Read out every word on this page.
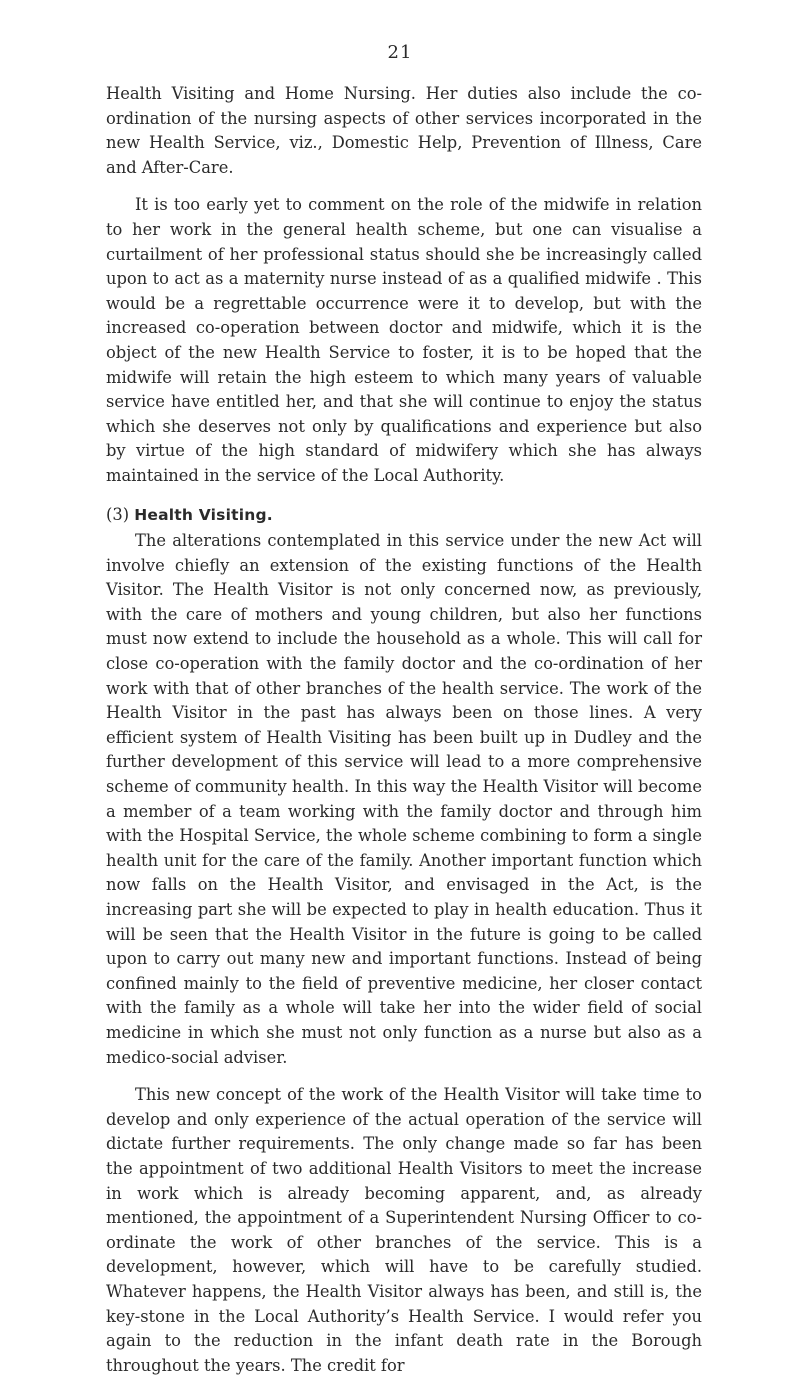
21

Health Visiting and Home Nursing. Her duties also include the co-ordination of the nursing aspects of other services incorporated in the new Health Service, viz., Domestic Help, Prevention of Illness, Care and After-Care.

It is too early yet to comment on the role of the midwife in relation to her work in the general health scheme, but one can visualise a curtailment of her professional status should she be increasingly called upon to act as a maternity nurse instead of as a qualified midwife . This would be a regrettable occurrence were it to develop, but with the increased co-operation between doctor and midwife, which it is the object of the new Health Service to foster, it is to be hoped that the midwife will retain the high esteem to which many years of valuable service have entitled her, and that she will continue to enjoy the status which she deserves not only by qualifications and experience but also by virtue of the high standard of midwifery which she has always maintained in the service of the Local Authority.

(3) Health Visiting.

The alterations contemplated in this service under the new Act will involve chiefly an extension of the existing functions of the Health Visitor. The Health Visitor is not only concerned now, as previously, with the care of mothers and young children, but also her functions must now extend to include the household as a whole. This will call for close co-operation with the family doctor and the co-ordination of her work with that of other branches of the health service. The work of the Health Visitor in the past has always been on those lines. A very efficient system of Health Visiting has been built up in Dudley and the further development of this service will lead to a more comprehensive scheme of community health. In this way the Health Visitor will become a member of a team working with the family doctor and through him with the Hospital Service, the whole scheme combining to form a single health unit for the care of the family. Another important function which now falls on the Health Visitor, and envisaged in the Act, is the increasing part she will be expected to play in health education. Thus it will be seen that the Health Visitor in the future is going to be called upon to carry out many new and important functions. Instead of being confined mainly to the field of preventive medicine, her closer contact with the family as a whole will take her into the wider field of social medicine in which she must not only function as a nurse but also as a medico-social adviser.

This new concept of the work of the Health Visitor will take time to develop and only experience of the actual operation of the service will dictate further requirements. The only change made so far has been the appointment of two additional Health Visitors to meet the increase in work which is already becoming apparent, and, as already mentioned, the appointment of a Superintendent Nursing Officer to co-ordinate the work of other branches of the service. This is a development, however, which will have to be carefully studied. Whatever happens, the Health Visitor always has been, and still is, the key-stone in the Local Authority’s Health Service. I would refer you again to the reduction in the infant death rate in the Borough throughout the years. The credit for
